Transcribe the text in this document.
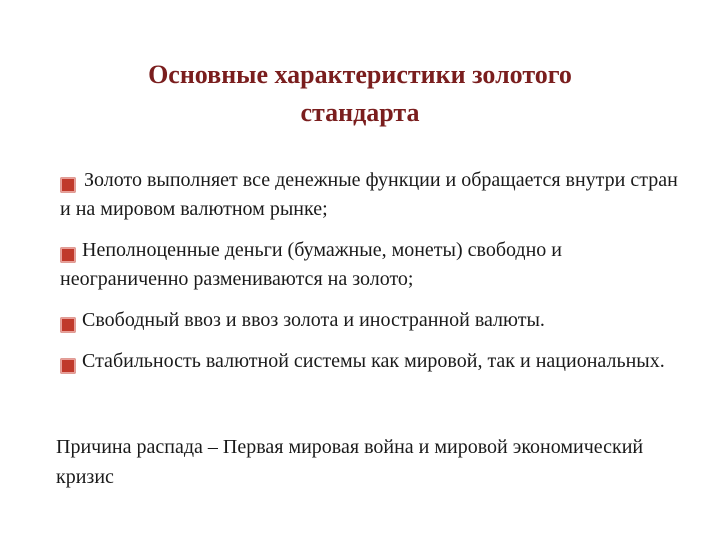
Основные характеристики золотого
стандарта
Золото выполняет все денежные функции и обращается внутри стран и на мировом валютном рынке;
Неполноценные деньги (бумажные, монеты) свободно и неограниченно размениваются на золото;
Свободный ввоз и ввоз золота и иностранной валюты.
Стабильность валютной системы как мировой, так и национальных.
Причина распада – Первая мировая война и мировой экономический кризис
